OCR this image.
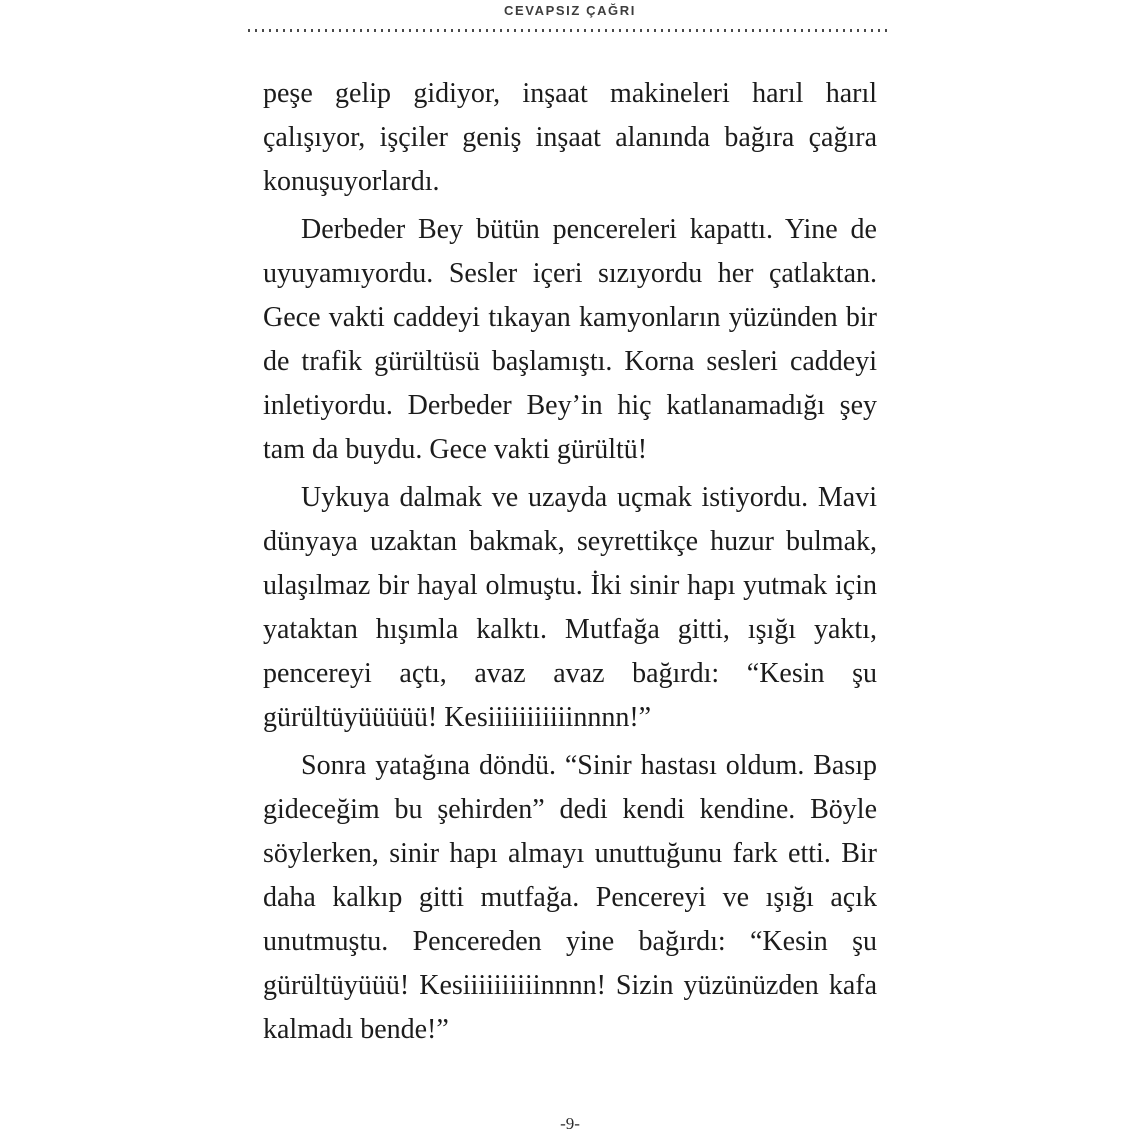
CEVAPSIZ ÇAĞRI

peşe gelip gidiyor, inşaat makineleri harıl harıl çalışıyor, işçiler geniş inşaat alanında bağıra çağıra konuşuyorlardı.

Derbeder Bey bütün pencereleri kapattı. Yine de uyuyamıyordu. Sesler içeri sızıyordu her çatlaktan. Gece vakti caddeyi tıkayan kamyonların yüzünden bir de trafik gürültüsü başlamıştı. Korna sesleri caddeyi inletiyordu. Derbeder Bey’in hiç katlanamadığı şey tam da buydu. Gece vakti gürültü!

Uykuya dalmak ve uzayda uçmak istiyordu. Mavi dünyaya uzaktan bakmak, seyrettikçe huzur bulmak, ulaşılmaz bir hayal olmuştu. İki sinir hapı yutmak için yataktan hışımla kalktı. Mutfağa gitti, ışığı yaktı, pencereyi açtı, avaz avaz bağırdı: “Kesin şu gürültüyüüüüü! Kesiiiiiiiiiiinnnn!”

Sonra yatağına döndü. “Sinir hastası oldum. Basıp gideceğim bu şehirden” dedi kendi kendine. Böyle söylerken, sinir hapı almayı unuttuğunu fark etti. Bir daha kalkıp gitti mutfağa. Pencereyi ve ışığı açık unutmuştu. Pencereden yine bağırdı: “Kesin şu gürültüyüüü! Kesiiiiiiiiiinnnn! Sizin yüzünüzden kafa kalmadı bende!”

-9-
